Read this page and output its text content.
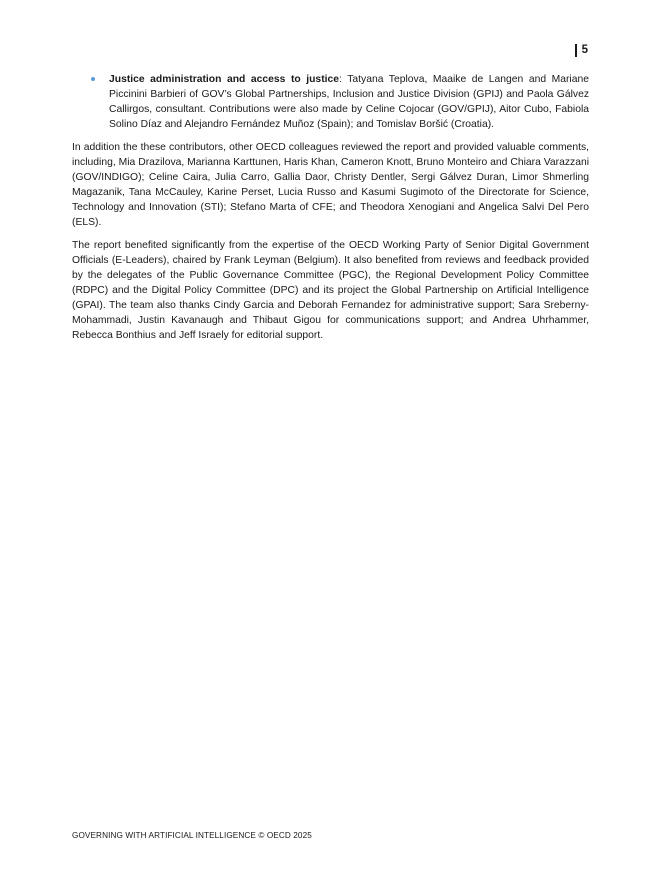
5
Justice administration and access to justice: Tatyana Teplova, Maaike de Langen and Mariane Piccinini Barbieri of GOV’s Global Partnerships, Inclusion and Justice Division (GPIJ) and Paola Gálvez Callirgos, consultant. Contributions were also made by Celine Cojocar (GOV/GPIJ), Aitor Cubo, Fabiola Solino Díaz and Alejandro Fernández Muñoz (Spain); and Tomislav Boršić (Croatia).

In addition the these contributors, other OECD colleagues reviewed the report and provided valuable comments, including, Mia Drazilova, Marianna Karttunen, Haris Khan, Cameron Knott, Bruno Monteiro and Chiara Varazzani (GOV/INDIGO); Celine Caira, Julia Carro, Gallia Daor, Christy Dentler, Sergi Gálvez Duran, Limor Shmerling Magazanik, Tana McCauley, Karine Perset, Lucia Russo and Kasumi Sugimoto of the Directorate for Science, Technology and Innovation (STI); Stefano Marta of CFE; and Theodora Xenogiani and Angelica Salvi Del Pero (ELS).

The report benefited significantly from the expertise of the OECD Working Party of Senior Digital Government Officials (E-Leaders), chaired by Frank Leyman (Belgium). It also benefited from reviews and feedback provided by the delegates of the Public Governance Committee (PGC), the Regional Development Policy Committee (RDPC) and the Digital Policy Committee (DPC) and its project the Global Partnership on Artificial Intelligence (GPAI). The team also thanks Cindy Garcia and Deborah Fernandez for administrative support; Sara Sreberny-Mohammadi, Justin Kavanaugh and Thibaut Gigou for communications support; and Andrea Uhrhammer, Rebecca Bonthius and Jeff Israely for editorial support.

GOVERNING WITH ARTIFICIAL INTELLIGENCE © OECD 2025
